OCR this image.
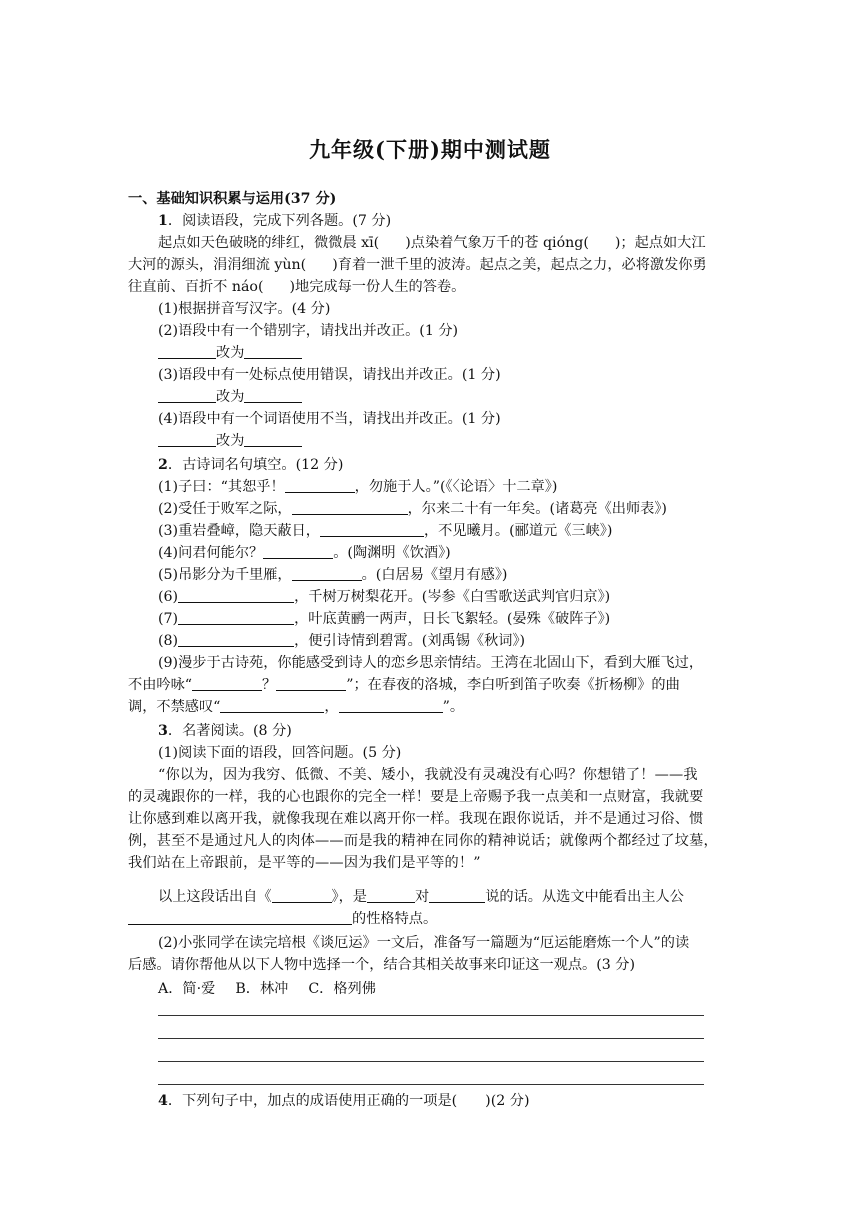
九年级(下册)期中测试题
一、基础知识积累与运用(37 分)
1．阅读语段，完成下列各题。(7 分)
起点如天色破晓的绯红，微微晨 xī( )点染着气象万千的苍 qióng( )；起点如大江
大河的源头，涓涓细流 yùn( )育着一泄千里的波涛。起点之美，起点之力，必将激发你勇
往直前、百折不 náo( )地完成每一份人生的答卷。
(1)根据拼音写汉字。(4 分)
(2)语段中有一个错别字，请找出并改正。(1 分)
改为
(3)语段中有一处标点使用错误，请找出并改正。(1 分)
改为
(4)语段中有一个词语使用不当，请找出并改正。(1 分)
改为
2．古诗词名句填空。(12 分)
(1)子曰：“其恕乎！	，勿施于人。”(《〈论语〉十二章》)
(2)受任于败军之际，	，尔来二十有一年矣。(诸葛亮《出师表》)
(3)重岩叠嶂，隐天蔽日，	，不见曦月。(郦道元《三峡》)
(4)问君何能尔？	。(陶渊明《饮酒》)
(5)吊影分为千里雁，	。(白居易《望月有感》)
(6)	，千树万树梨花开。(岑参《白雪歌送武判官归京》)
(7)	，叶底黄鹂一两声，日长飞絮轻。(晏殊《破阵子》)
(8)	，便引诗情到碧霄。(刘禹锡《秋词》)
(9)漫步于古诗苑，你能感受到诗人的恋乡思亲情结。王湾在北固山下，看到大雁飞过，
不由吟咏“	？	”；在春夜的洛城，李白听到笛子吹奏《折杨柳》的曲
调，不禁感叹“	，	”。
3．名著阅读。(8 分)
(1)阅读下面的语段，回答问题。(5 分)
“你以为，因为我穷、低微、不美、矮小，我就没有灵魂没有心吗？你想错了！——我
的灵魂跟你的一样，我的心也跟你的完全一样！要是上帝赐予我一点美和一点财富，我就要
让你感到难以离开我，就像我现在难以离开你一样。我现在跟你说话，并不是通过习俗、惯
例，甚至不是通过凡人的肉体——而是我的精神在同你的精神说话；就像两个都经过了坟墓，
我们站在上帝跟前，是平等的——因为我们是平等的！”
以上这段话出自《	》，是	对	说的话。从选文中能看出主人公
的性格特点。
(2)小张同学在读完培根《谈厄运》一文后，准备写一篇题为“厄运能磨炼一个人”的读
后感。请你帮他从以下人物中选择一个，结合其相关故事来印证这一观点。(3 分)
A．简·爱 B．林冲 C．格列佛
4．下列句子中，加点的成语使用正确的一项是( )(2 分)
